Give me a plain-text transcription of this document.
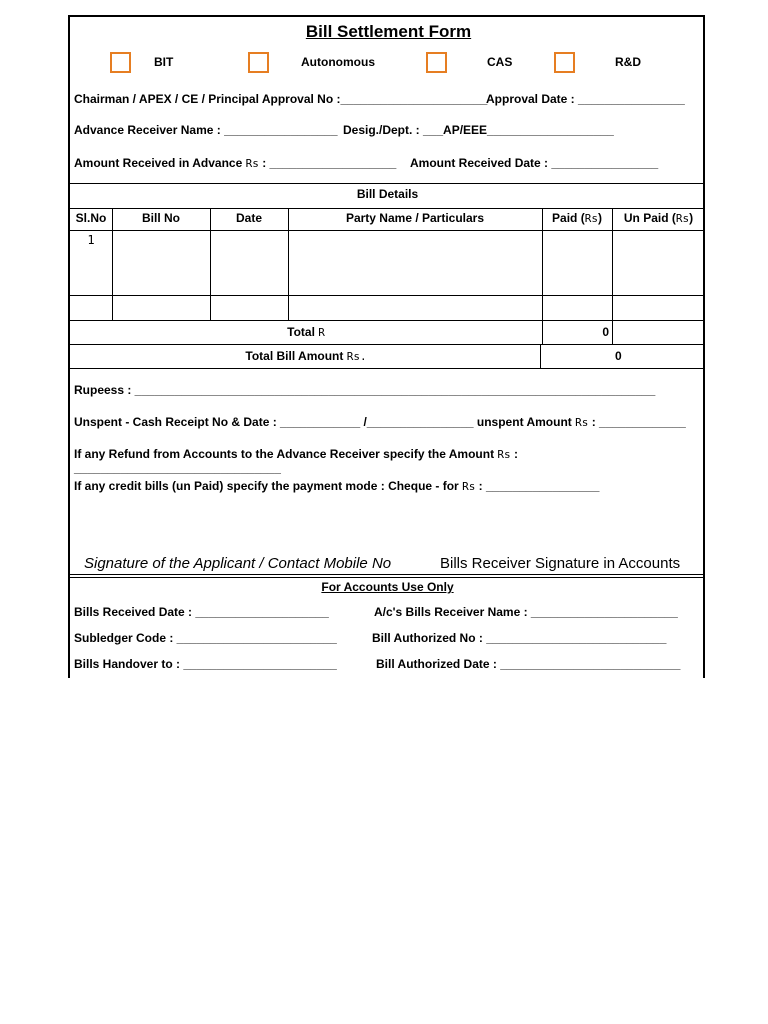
Bill Settlement Form
BIT	Autonomous	CAS	R&D
Chairman / APEX / CE / Principal Approval No :______________________
Approval Date : ________________
Advance Receiver Name : _________________ Desig./Dept. : ___AP/EEE___________________
Amount Received in Advance Rs : ___________________ Amount Received Date : ________________
Bill Details
Sl.No	Bill No	Date	Party Name / Particulars	Paid (Rs)	Un Paid (Rs)
1
Total R	0
Total Bill Amount Rs.	0
Rupeess : ______________________________________________________________________________
Unspent - Cash Receipt No & Date : ____________ /________________ unspent Amount Rs : _____________
If any Refund from Accounts to the Advance Receiver specify the Amount Rs : _______________________________
If any credit bills (un Paid) specify the payment mode : Cheque - for Rs : _________________
Signature of the Applicant / Contact Mobile No	Bills Receiver Signature in Accounts
For Accounts Use Only
Bills Received Date : ____________________	A/c's Bills Receiver Name : ______________________
Subledger Code : ________________________	Bill Authorized No : ___________________________
Bills Handover to : _______________________	Bill Authorized Date : ___________________________
